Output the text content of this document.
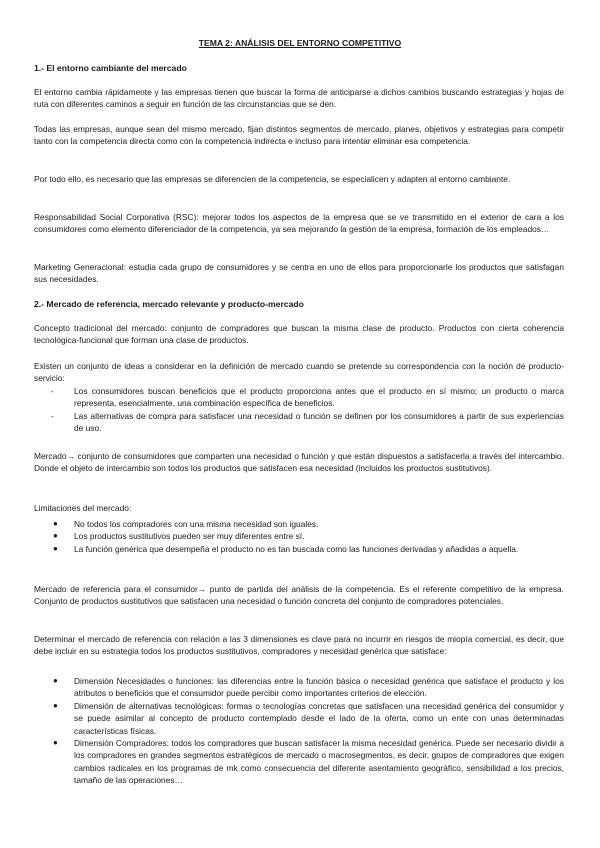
TEMA 2: ANÁLISIS DEL ENTORNO COMPETITIVO
1.- El entorno cambiante del mercado
El entorno cambia rápidamente y las empresas tienen que buscar la forma de anticiparse a dichos cambios buscando estrategias y hojas de ruta con diferentes caminos a seguir en función de las circunstancias que se den.
Todas las empresas, aunque sean del mismo mercado, fijan distintos segmentos de mercado, planes, objetivos y estrategias para competir tanto con la competencia directa como con la competencia indirecta e incluso para intentar eliminar esa competencia.
Por todo ello, es necesario que las empresas se diferencien de la competencia, se especialicen y adapten al entorno cambiante.
Responsabilidad Social Corporativa (RSC): mejorar todos los aspectos de la empresa que se ve transmitido en el exterior de cara a los consumidores como elemento diferenciador de la competencia, ya sea mejorando la gestión de la empresa, formación de los empleados…
Marketing Generacional: estudia cada grupo de consumidores y se centra en uno de ellos para proporcionarle los productos que satisfagan sus necesidades.
2.- Mercado de referencia, mercado relevante y producto-mercado
Concepto tradicional del mercado: conjunto de compradores que buscan la misma clase de producto. Productos con cierta coherencia tecnológica-funcional que forman una clase de productos.
Existen un conjunto de ideas a considerar en la definición de mercado cuando se pretende su correspondencia con la noción de producto-servicio:
- Los consumidores buscan beneficios que el producto proporciona antes que el producto en sí mismo; un producto o marca representa, esencialmente, una combinación específica de beneficios.
- Las alternativas de compra para satisfacer una necesidad o función se definen por los consumidores a partir de sus experiencias de uso.
Mercado→ conjunto de consumidores que comparten una necesidad o función y que están dispuestos a satisfacerla a través del intercambio. Donde el objeto de intercambio son todos los productos que satisfacen esa necesidad (incluidos los productos sustitutivos).
Limitaciones del mercado:
● No todos los compradores con una misma necesidad son iguales.
● Los productos sustitutivos pueden ser muy diferentes entre sí.
● La función genérica que desempeña el producto no es tan buscada como las funciones derivadas y añadidas a aquella.
Mercado de referencia para el consumidor→ punto de partida del análisis de la competencia. Es el referente competitivo de la empresa. Conjunto de productos sustitutivos que satisfacen una necesidad o función concreta del conjunto de compradores potenciales.
Determinar el mercado de referencia con relación a las 3 dimensiones es clave para no incurrir en riesgos de miopía comercial, es decir, que debe incluir en su estrategia todos los productos sustitutivos, compradores y necesidad genérica que satisface:
● Dimensión Necesidades o funciones: las diferencias entre la función básica o necesidad genérica que satisface el producto y los atributos o beneficios que el consumidor puede percibir como importantes criterios de elección.
● Dimensión de alternativas tecnológicas: formas o tecnologías concretas que satisfacen una necesidad genérica del consumidor y se puede asimilar al concepto de producto contemplado desde el lado de la oferta, como un ente con unas determinadas características físicas.
● Dimensión Compradores: todos los compradores que buscan satisfacer la misma necesidad genérica. Puede ser necesario dividir a los compradores en grandes segmentos estratégicos de mercado o macrosegmentos, es decir, grupos de compradores que exigen cambios radicales en los programas de mk como consecuencia del diferente asentamiento geográfico, sensibilidad a los precios, tamaño de las operaciones…
